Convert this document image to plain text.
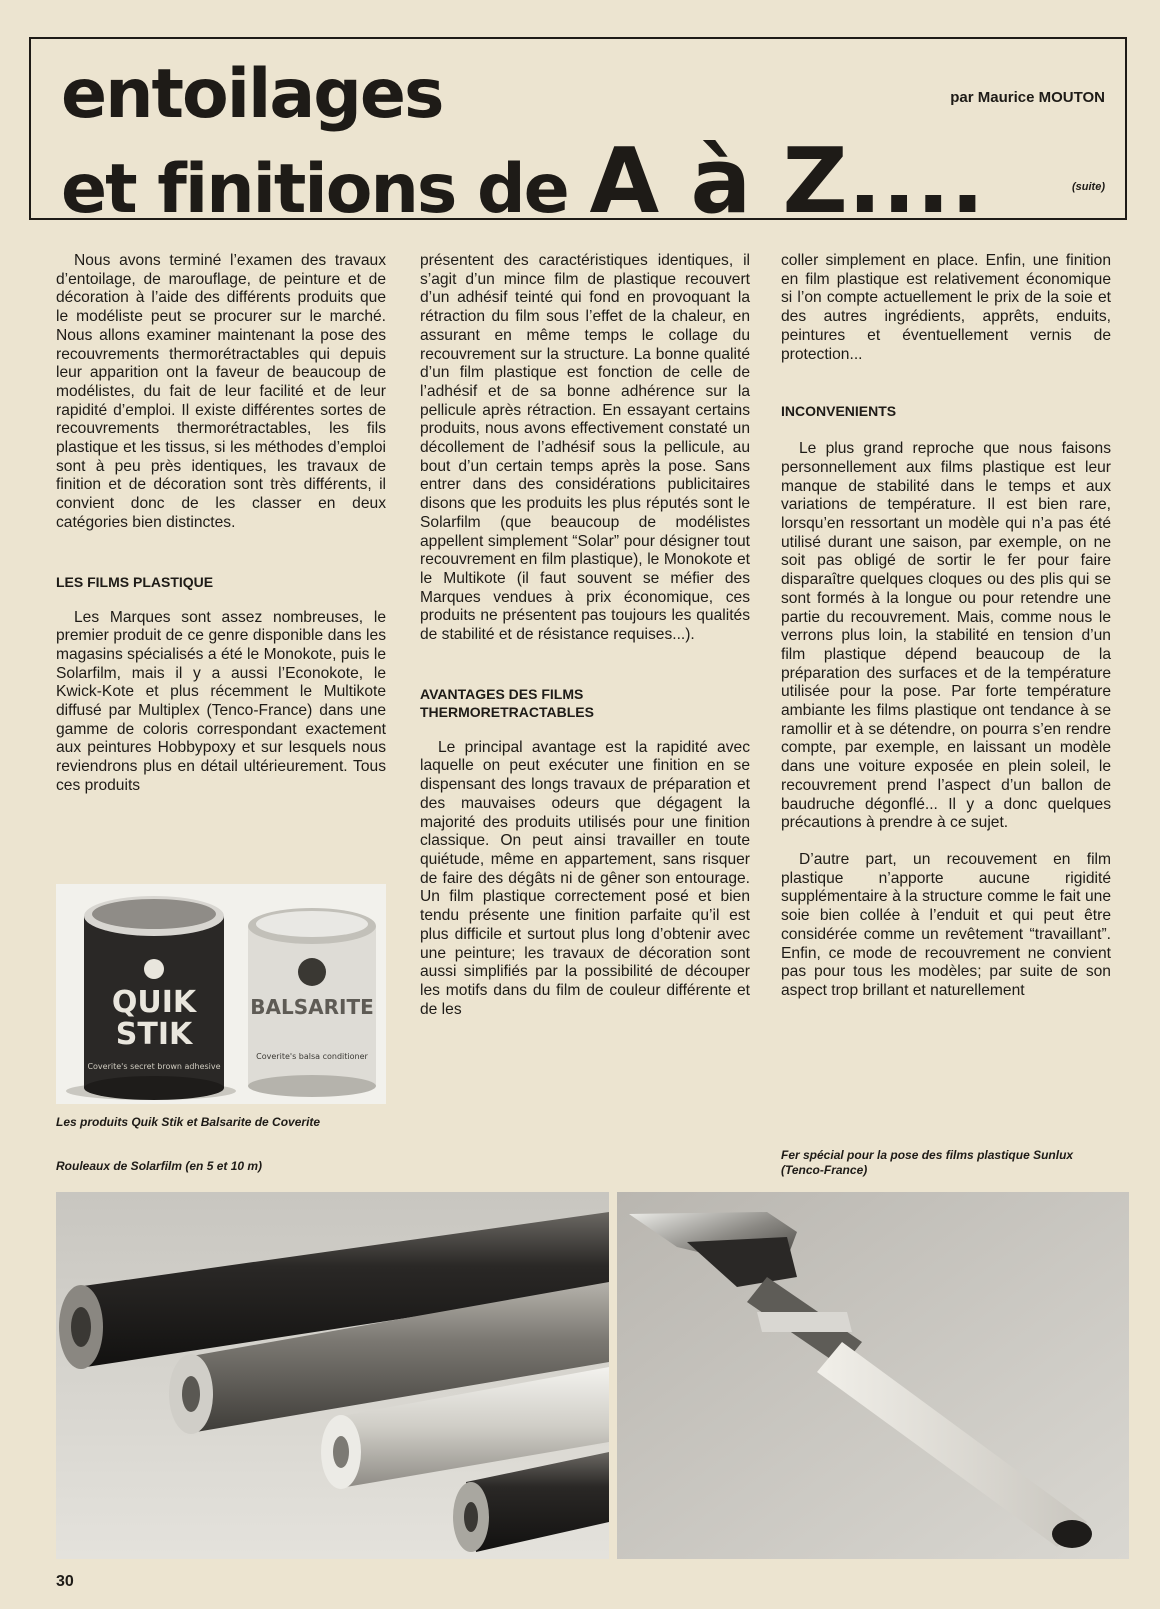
entoilages
et finitions de A à Z....
par Maurice MOUTON
(suite)

Nous avons terminé l’examen des travaux d’entoilage, de marouflage, de peinture et de décoration à l’aide des différents produits que le modéliste peut se procurer sur le marché. Nous allons examiner maintenant la pose des recouvrements thermorétractables qui depuis leur apparition ont la faveur de beaucoup de modélistes, du fait de leur facilité et de leur rapidité d’emploi. Il existe différentes sortes de recouvrements thermorétractables, les fils plastique et les tissus, si les méthodes d’emploi sont à peu près identiques, les travaux de finition et de décoration sont très différents, il convient donc de les classer en deux catégories bien distinctes.

LES FILMS PLASTIQUE

Les Marques sont assez nombreuses, le premier produit de ce genre disponible dans les magasins spécialisés a été le Monokote, puis le Solarfilm, mais il y a aussi l’Econokote, le Kwick-Kote et plus récemment le Multikote diffusé par Multiplex (Tenco-France) dans une gamme de coloris correspondant exactement aux peintures Hobbypoxy et sur lesquels nous reviendrons plus en détail ultérieurement. Tous ces produits

présentent des caractéristiques identiques, il s’agit d’un mince film de plastique recouvert d’un adhésif teinté qui fond en provoquant la rétraction du film sous l’effet de la chaleur, en assurant en même temps le collage du recouvrement sur la structure. La bonne qualité d’un film plastique est fonction de celle de l’adhésif et de sa bonne adhérence sur la pellicule après rétraction. En essayant certains produits, nous avons effectivement constaté un décollement de l’adhésif sous la pellicule, au bout d’un certain temps après la pose. Sans entrer dans des considérations publicitaires disons que les produits les plus réputés sont le Solarfilm (que beaucoup de modélistes appellent simplement “Solar” pour désigner tout recouvrement en film plastique), le Monokote et le Multikote (il faut souvent se méfier des Marques vendues à prix économique, ces produits ne présentent pas toujours les qualités de stabilité et de résistance requises...).

AVANTAGES DES FILMS
THERMORETRACTABLES

Le principal avantage est la rapidité avec laquelle on peut exécuter une finition en se dispensant des longs travaux de préparation et des mauvaises odeurs que dégagent la majorité des produits utilisés pour une finition classique. On peut ainsi travailler en toute quiétude, même en appartement, sans risquer de faire des dégâts ni de gêner son entourage. Un film plastique correctement posé et bien tendu présente une finition parfaite qu’il est plus difficile et surtout plus long d’obtenir avec une peinture; les travaux de décoration sont aussi simplifiés par la possibilité de découper les motifs dans du film de couleur différente et de les

coller simplement en place. Enfin, une finition en film plastique est relativement économique si l’on compte actuellement le prix de la soie et des autres ingrédients, apprêts, enduits, peintures et éventuellement vernis de protection...

INCONVENIENTS

Le plus grand reproche que nous faisons personnellement aux films plastique est leur manque de stabilité dans le temps et aux variations de température. Il est bien rare, lorsqu’en ressortant un modèle qui n’a pas été utilisé durant une saison, par exemple, on ne soit pas obligé de sortir le fer pour faire disparaître quelques cloques ou des plis qui se sont formés à la longue ou pour retendre une partie du recouvrement. Mais, comme nous le verrons plus loin, la stabilité en tension d’un film plastique dépend beaucoup de la préparation des surfaces et de la température utilisée pour la pose. Par forte température ambiante les films plastique ont tendance à se ramollir et à se détendre, on pourra s’en rendre compte, par exemple, en laissant un modèle dans une voiture exposée en plein soleil, le recouvrement prend l’aspect d’un ballon de baudruche dégonflé... Il y a donc quelques précautions à prendre à ce sujet.

D’autre part, un recouvement en film plastique n’apporte aucune rigidité supplémentaire à la structure comme le fait une soie bien collée à l’enduit et qui peut être considérée comme un revêtement “travaillant”. Enfin, ce mode de recouvrement ne convient pas pour tous les modèles; par suite de son aspect trop brillant et naturellement

QUIK
STIK
Coverite's secret brown adhesive
BALSARITE
Coverite's balsa conditioner
Les produits Quik Stik et Balsarite de Coverite
Rouleaux de Solarfilm (en 5 et 10 m)
Fer spécial pour la pose des films plastique Sunlux (Tenco-France)
30
